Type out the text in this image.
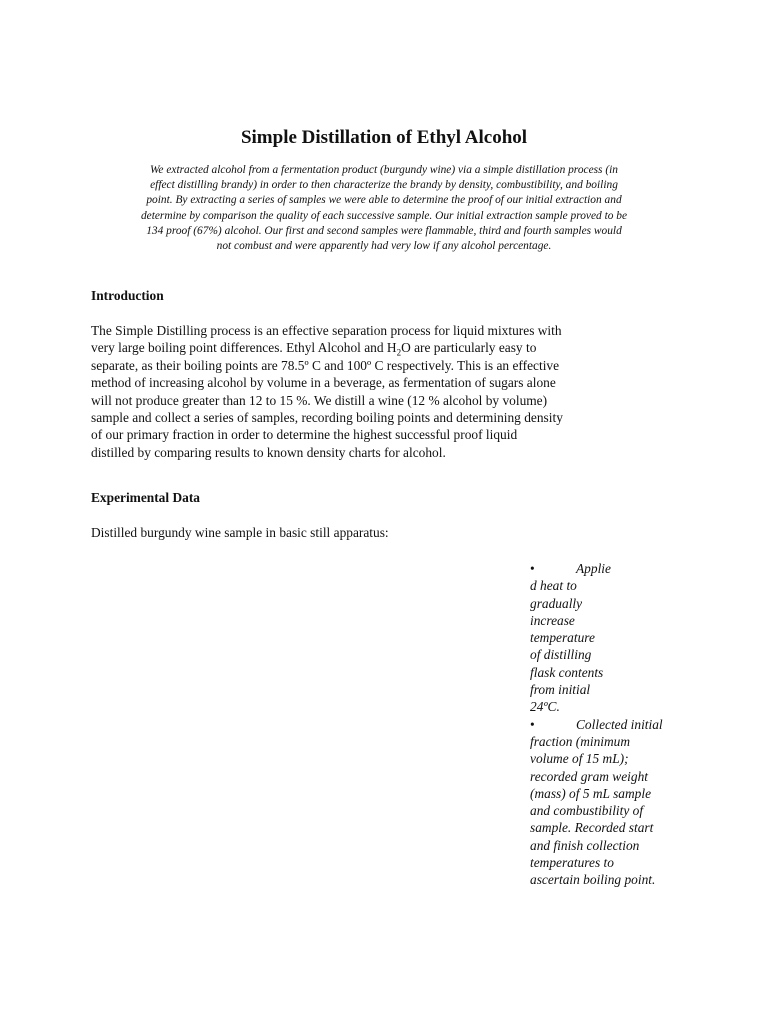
Simple Distillation of Ethyl Alcohol
We extracted alcohol from a fermentation product (burgundy wine) via a simple distillation process (in
effect distilling brandy) in order to then characterize the brandy by density, combustibility, and boiling
point. By extracting a series of samples we were able to determine the proof of our initial extraction and
determine by comparison the quality of each successive sample. Our initial extraction sample proved to be
134 proof (67%) alcohol. Our first and second samples were flammable, third and fourth samples would
not combust and were apparently had very low if any alcohol percentage.
Introduction
The Simple Distilling process is an effective separation process for liquid mixtures with
very large boiling point differences. Ethyl Alcohol and $H_2O$ are particularly easy to
separate, as their boiling points are 78.5º C and 100º C respectively. This is an effective
method of increasing alcohol by volume in a beverage, as fermentation of sugars alone
will not produce greater than 12 to 15 %. We distill a wine (12 % alcohol by volume)
sample and collect a series of samples, recording boiling points and determining density
of our primary fraction in order to determine the highest successful proof liquid
distilled by comparing results to known density charts for alcohol.
Experimental Data
Distilled burgundy wine sample in basic still apparatus:
•	Applie
d heat to
gradually
increase
temperature
of distilling
flask contents
from initial
24ºC.
•	Collected initial
fraction (minimum
volume of 15 mL);
recorded gram weight
(mass) of 5 mL sample
and combustibility of
sample. Recorded start
and finish collection
temperatures to
ascertain boiling point.
